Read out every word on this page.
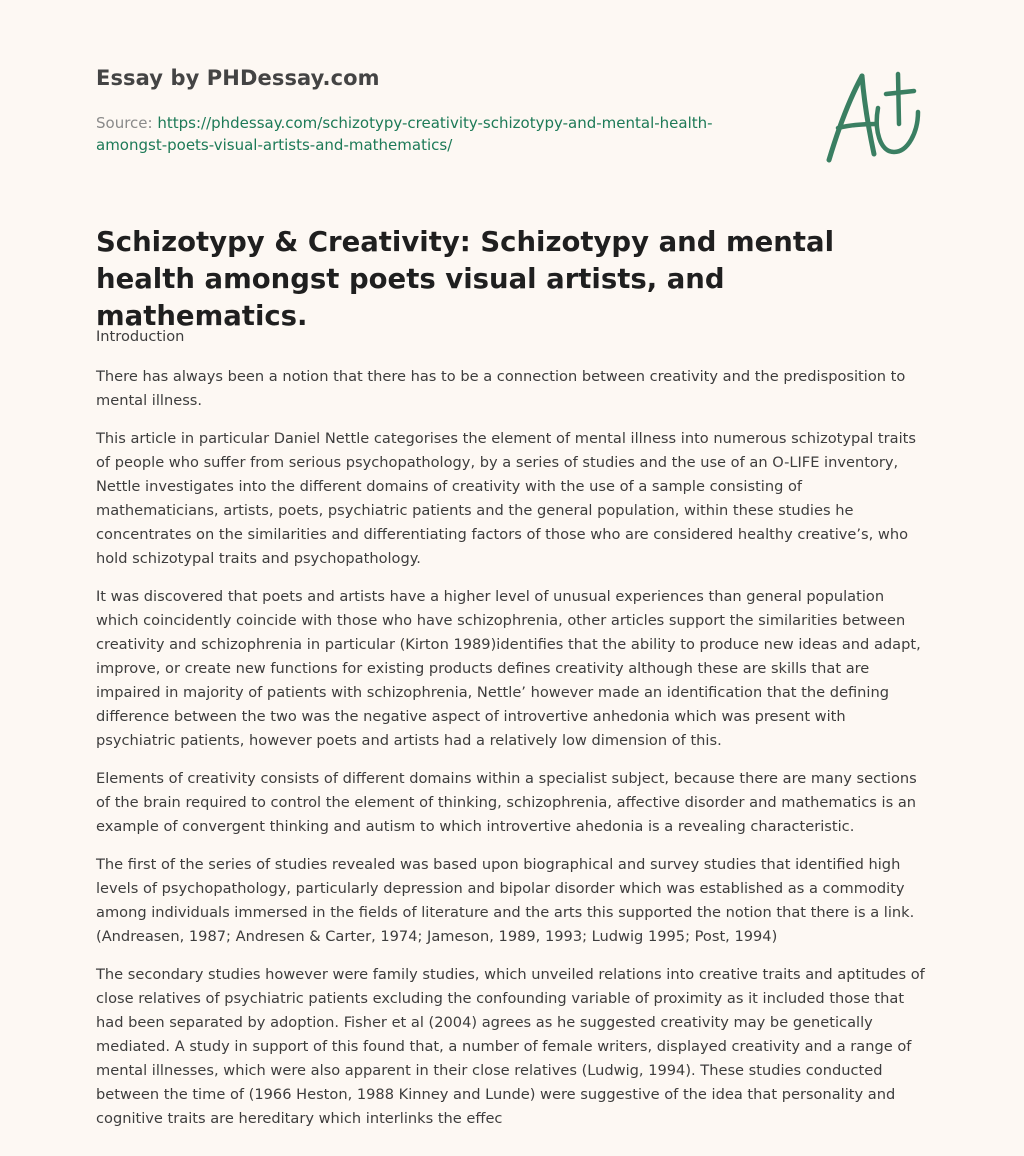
Essay by PHDessay.com
Source: https://phdessay.com/schizotypy-creativity-schizotypy-and-mental-health-
amongst-poets-visual-artists-and-mathematics/
Schizotypy & Creativity: Schizotypy and mental health amongst poets visual artists, and mathematics.

Introduction

There has always been a notion that there has to be a connection between creativity and the predisposition to mental illness.

This article in particular Daniel Nettle categorises the element of mental illness into numerous schizotypal traits of people who suffer from serious psychopathology, by a series of studies and the use of an O-LIFE inventory, Nettle investigates into the different domains of creativity with the use of a sample consisting of mathematicians, artists, poets, psychiatric patients and the general population, within these studies he concentrates on the similarities and differentiating factors of those who are considered healthy creative’s, who hold schizotypal traits and psychopathology.

It was discovered that poets and artists have a higher level of unusual experiences than general population which coincidently coincide with those who have schizophrenia, other articles support the similarities between creativity and schizophrenia in particular (Kirton 1989)identifies that the ability to produce new ideas and adapt, improve, or create new functions for existing products defines creativity although these are skills that are impaired in majority of patients with schizophrenia, Nettle’ however made an identification that the defining difference between the two was the negative aspect of introvertive anhedonia which was present with psychiatric patients, however poets and artists had a relatively low dimension of this.

Elements of creativity consists of different domains within a specialist subject, because there are many sections of the brain required to control the element of thinking, schizophrenia, affective disorder and mathematics is an example of convergent thinking and autism to which introvertive ahedonia is a revealing characteristic.

The first of the series of studies revealed was based upon biographical and survey studies that identified high levels of psychopathology, particularly depression and bipolar disorder which was established as a commodity among individuals immersed in the fields of literature and the arts this supported the notion that there is a link.(Andreasen, 1987; Andresen & Carter, 1974; Jameson, 1989, 1993; Ludwig 1995; Post, 1994)

The secondary studies however were family studies, which unveiled relations into creative traits and aptitudes of close relatives of psychiatric patients excluding the confounding variable of proximity as it included those that had been separated by adoption. Fisher et al (2004) agrees as he suggested creativity may be genetically mediated. A study in support of this found that, a number of female writers, displayed creativity and a range of mental illnesses, which were also apparent in their close relatives (Ludwig, 1994). These studies conducted between the time of (1966 Heston, 1988 Kinney and Lunde) were suggestive of the idea that personality and cognitive traits are hereditary which interlinks the effec
